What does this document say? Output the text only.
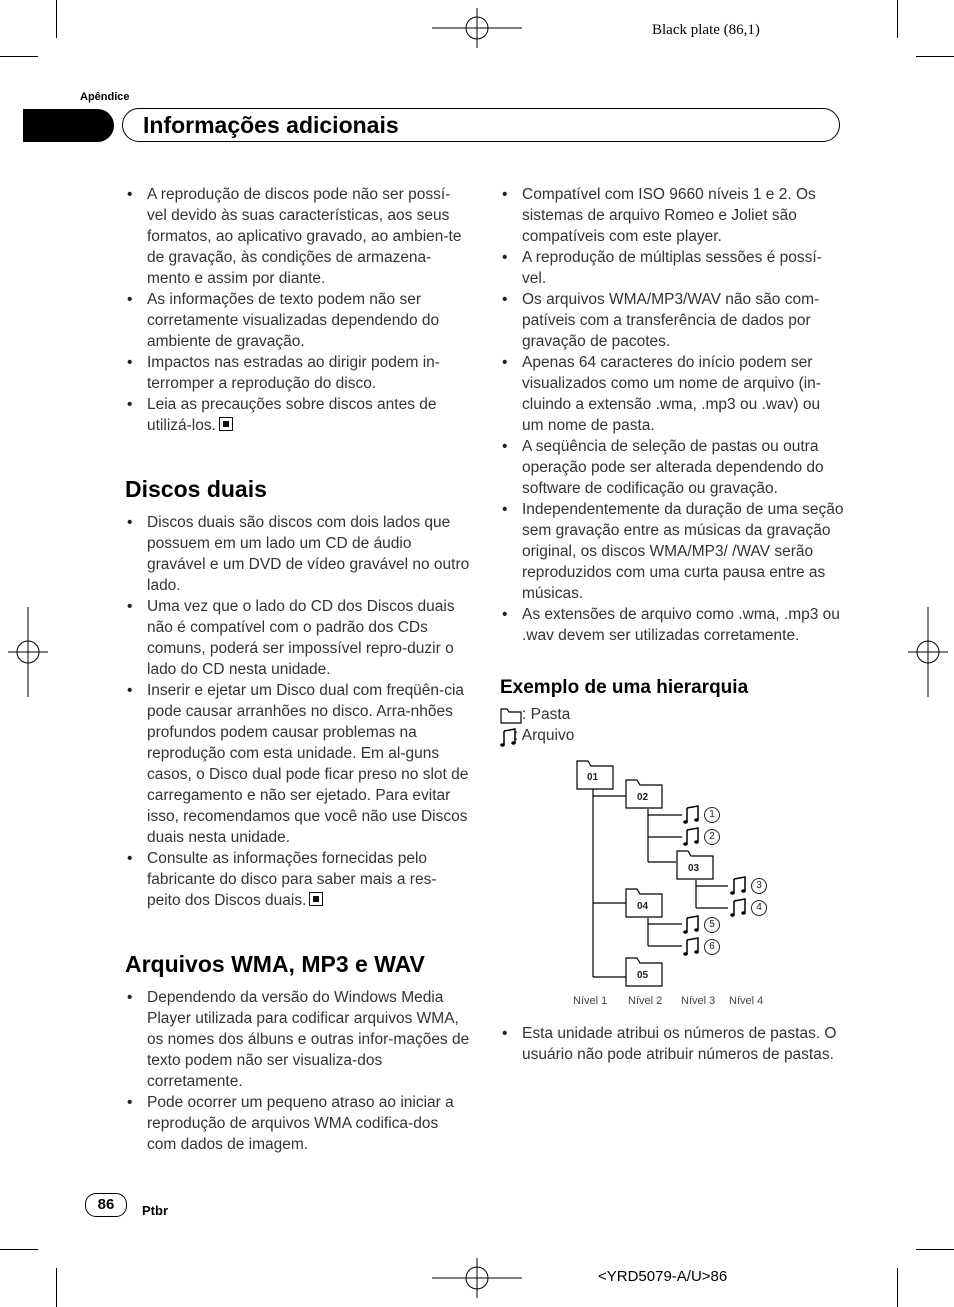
Black plate (86,1)
Apêndice
Informações adicionais
• A reprodução de discos pode não ser possí-vel devido às suas características, aos seus formatos, ao aplicativo gravado, ao ambien-te de gravação, às condições de armazena-mento e assim por diante.
• As informações de texto podem não ser corretamente visualizadas dependendo do ambiente de gravação.
• Impactos nas estradas ao dirigir podem in-terromper a reprodução do disco.
• Leia as precauções sobre discos antes de utilizá-los.
Discos duais
• Discos duais são discos com dois lados que possuem em um lado um CD de áudio gravável e um DVD de vídeo gravável no outro lado.
• Uma vez que o lado do CD dos Discos duais não é compatível com o padrão dos CDs comuns, poderá ser impossível repro-duzir o lado do CD nesta unidade.
• Inserir e ejetar um Disco dual com freqüên-cia pode causar arranhões no disco. Arra-nhões profundos podem causar problemas na reprodução com esta unidade. Em al-guns casos, o Disco dual pode ficar preso no slot de carregamento e não ser ejetado. Para evitar isso, recomendamos que você não use Discos duais nesta unidade.
• Consulte as informações fornecidas pelo fabricante do disco para saber mais a res-peito dos Discos duais.
Arquivos WMA, MP3 e WAV
• Dependendo da versão do Windows Media Player utilizada para codificar arquivos WMA, os nomes dos álbuns e outras infor-mações de texto podem não ser visualiza-dos corretamente.
• Pode ocorrer um pequeno atraso ao iniciar a reprodução de arquivos WMA codifica-dos com dados de imagem.
• Compatível com ISO 9660 níveis 1 e 2. Os sistemas de arquivo Romeo e Joliet são compatíveis com este player.
• A reprodução de múltiplas sessões é possí-vel.
• Os arquivos WMA/MP3/WAV não são com-patíveis com a transferência de dados por gravação de pacotes.
• Apenas 64 caracteres do início podem ser visualizados como um nome de arquivo (in-cluindo a extensão .wma, .mp3 ou .wav) ou um nome de pasta.
• A seqüência de seleção de pastas ou outra operação pode ser alterada dependendo do software de codificação ou gravação.
• Independentemente da duração de uma seção sem gravação entre as músicas da gravação original, os discos WMA/MP3/ /WAV serão reproduzidos com uma curta pausa entre as músicas.
• As extensões de arquivo como .wma, .mp3 ou .wav devem ser utilizadas corretamente.
Exemplo de uma hierarquia
: Pasta
: Arquivo
01
02
03
04
05
1
2
3
4
5
6
Nível 1 Nível 2 Nível 3 Nível 4
• Esta unidade atribui os números de pastas. O usuário não pode atribuir números de pastas.
86	Ptbr
<YRD5079-A/U>86
